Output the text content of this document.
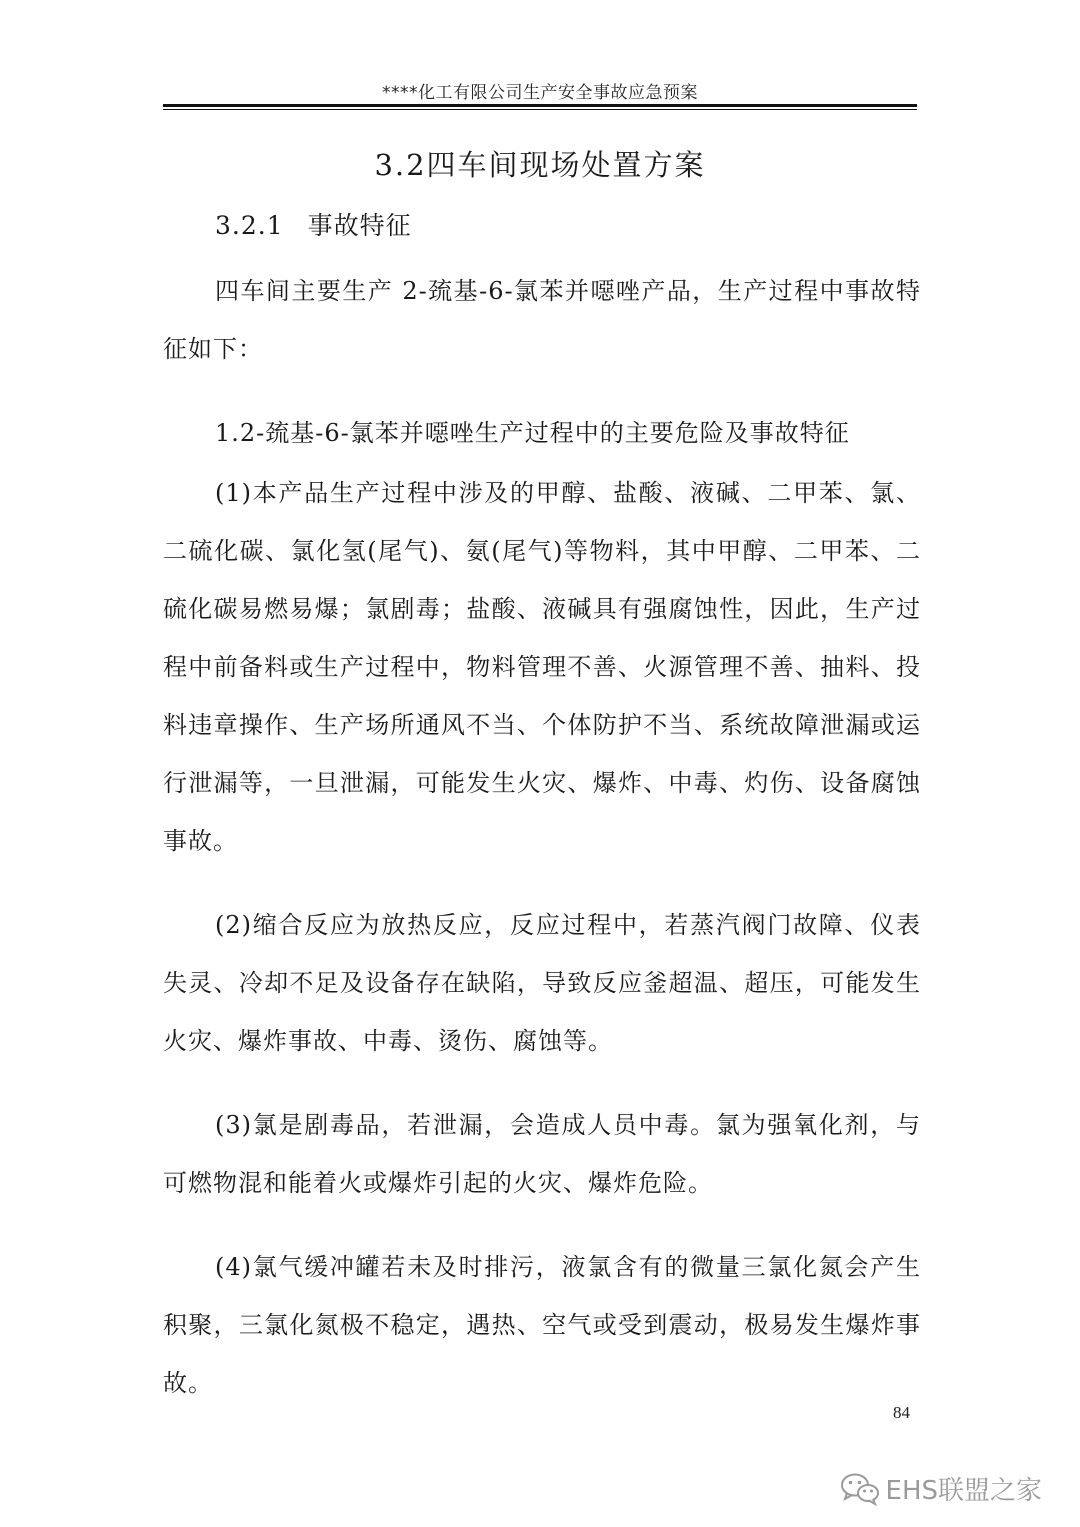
****化工有限公司生产安全事故应急预案
3.2四车间现场处置方案
3.2.1 事故特征

四车间主要生产 2-巯基-6-氯苯并噁唑产品，生产过程中事故特征如下：

1.2-巯基-6-氯苯并噁唑生产过程中的主要危险及事故特征

(1)本产品生产过程中涉及的甲醇、盐酸、液碱、二甲苯、氯、二硫化碳、氯化氢(尾气)、氨(尾气)等物料，其中甲醇、二甲苯、二硫化碳易燃易爆；氯剧毒；盐酸、液碱具有强腐蚀性，因此，生产过程中前备料或生产过程中，物料管理不善、火源管理不善、抽料、投料违章操作、生产场所通风不当、个体防护不当、系统故障泄漏或运行泄漏等，一旦泄漏，可能发生火灾、爆炸、中毒、灼伤、设备腐蚀事故。

(2)缩合反应为放热反应，反应过程中，若蒸汽阀门故障、仪表失灵、冷却不足及设备存在缺陷，导致反应釜超温、超压，可能发生火灾、爆炸事故、中毒、烫伤、腐蚀等。

(3)氯是剧毒品，若泄漏，会造成人员中毒。氯为强氧化剂，与可燃物混和能着火或爆炸引起的火灾、爆炸危险。

(4)氯气缓冲罐若未及时排污，液氯含有的微量三氯化氮会产生积聚，三氯化氮极不稳定，遇热、空气或受到震动，极易发生爆炸事故。

84
EHS联盟之家
